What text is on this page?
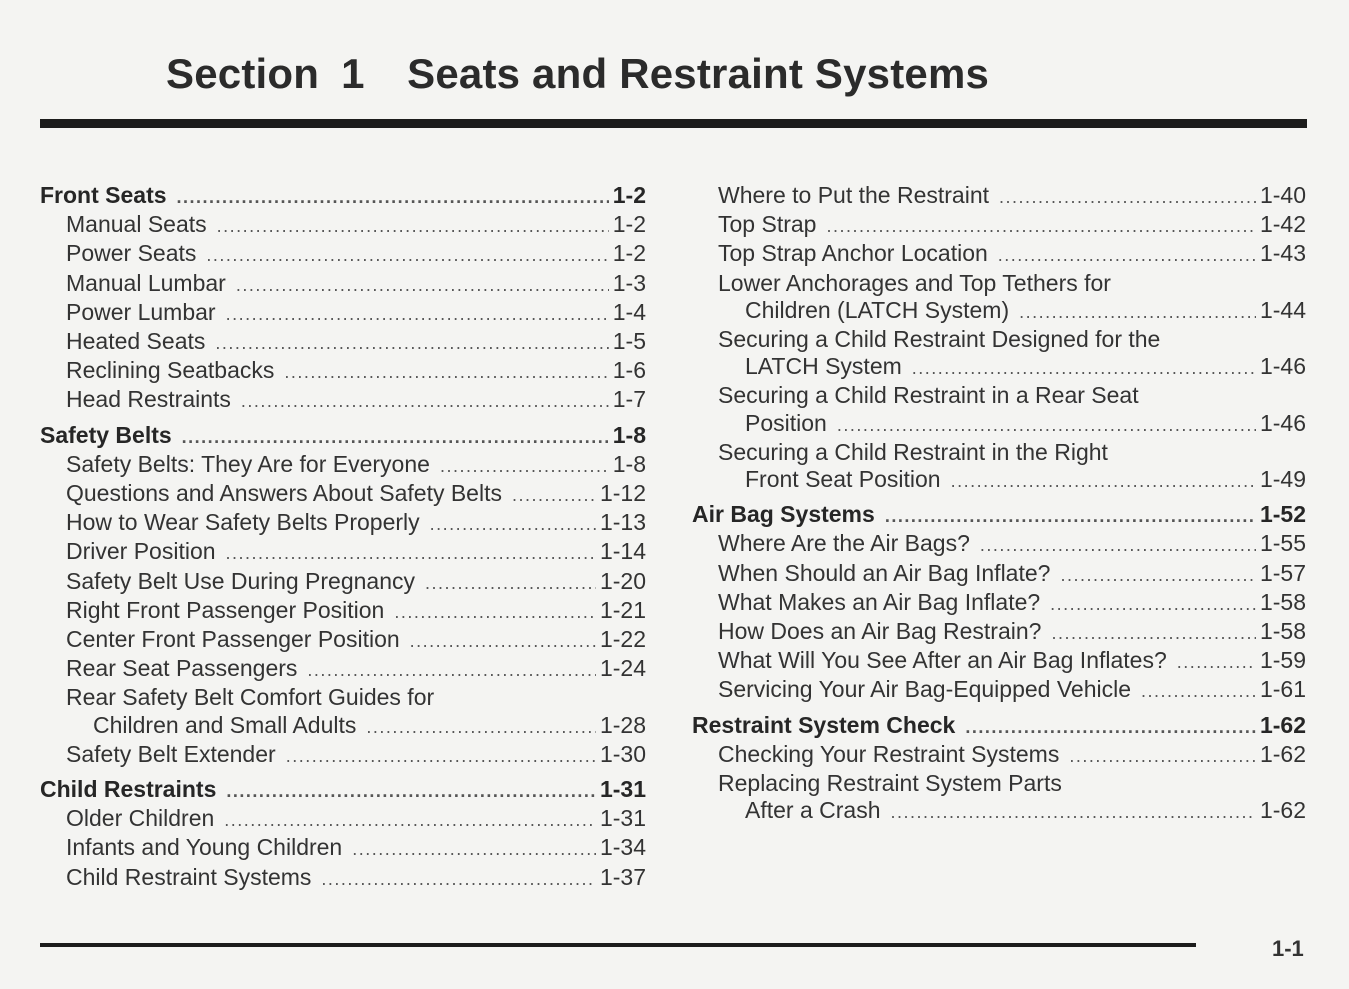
Section 1	Seats and Restraint Systems
Front Seats .....	1-2
Manual Seats .....	1-2
Power Seats .....	1-2
Manual Lumbar .....	1-3
Power Lumbar .....	1-4
Heated Seats .....	1-5
Reclining Seatbacks .....	1-6
Head Restraints .....	1-7
Safety Belts .....	1-8
Safety Belts: They Are for Everyone .....	1-8
Questions and Answers About Safety Belts .....	1-12
How to Wear Safety Belts Properly .....	1-13
Driver Position .....	1-14
Safety Belt Use During Pregnancy .....	1-20
Right Front Passenger Position .....	1-21
Center Front Passenger Position .....	1-22
Rear Seat Passengers .....	1-24
Rear Safety Belt Comfort Guides for
Children and Small Adults .....	1-28
Safety Belt Extender .....	1-30
Child Restraints .....	1-31
Older Children .....	1-31
Infants and Young Children .....	1-34
Child Restraint Systems .....	1-37
Where to Put the Restraint .....	1-40
Top Strap .....	1-42
Top Strap Anchor Location .....	1-43
Lower Anchorages and Top Tethers for
Children (LATCH System) .....	1-44
Securing a Child Restraint Designed for the
LATCH System .....	1-46
Securing a Child Restraint in a Rear Seat
Position .....	1-46
Securing a Child Restraint in the Right
Front Seat Position .....	1-49
Air Bag Systems .....	1-52
Where Are the Air Bags? .....	1-55
When Should an Air Bag Inflate? .....	1-57
What Makes an Air Bag Inflate? .....	1-58
How Does an Air Bag Restrain? .....	1-58
What Will You See After an Air Bag Inflates? .....	1-59
Servicing Your Air Bag-Equipped Vehicle .....	1-61
Restraint System Check .....	1-62
Checking Your Restraint Systems .....	1-62
Replacing Restraint System Parts
After a Crash .....	1-62
1-1
